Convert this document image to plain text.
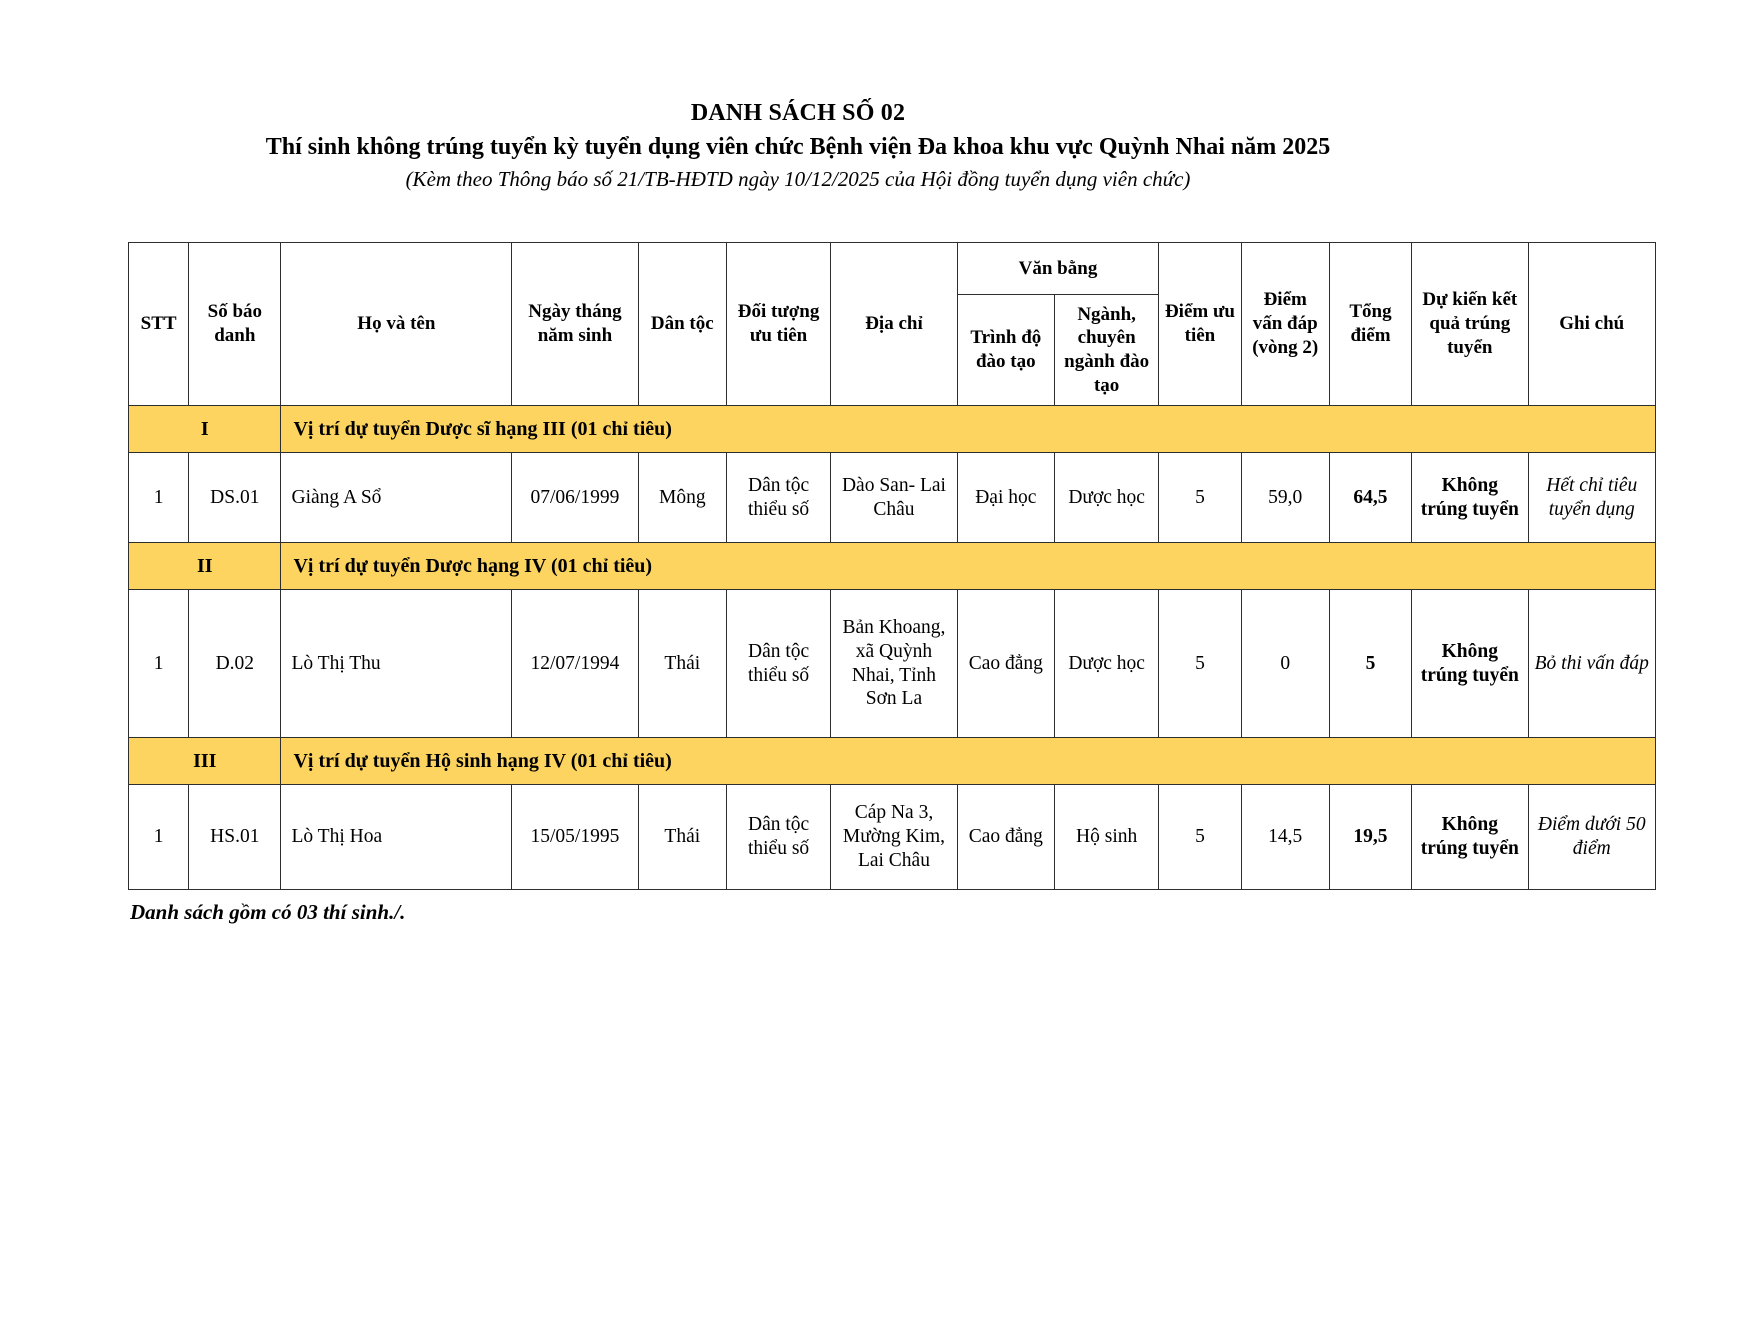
DANH SÁCH SỐ 02
Thí sinh không trúng tuyển kỳ tuyển dụng viên chức Bệnh viện Đa khoa khu vực Quỳnh Nhai năm 2025
(Kèm theo Thông báo số 21/TB-HĐTD ngày 10/12/2025 của Hội đồng tuyển dụng viên chức)
STT	Số báo danh	Họ và tên	Ngày tháng năm sinh	Dân tộc	Đối tượng ưu tiên	Địa chỉ	Văn bằng		Điểm ưu tiên	Điểm vấn đáp (vòng 2)	Tổng điểm	Dự kiến kết quả trúng tuyển	Ghi chú
							Trình độ đào tạo	Ngành, chuyên ngành đào tạo					
I		Vị trí dự tuyển Dược sĩ hạng III (01 chỉ tiêu)											
1	DS.01	Giàng A Sổ	07/06/1999	Mông	Dân tộc thiểu số	Dào San- Lai Châu	Đại học	Dược học	5	59,0	64,5	Không trúng tuyển	Hết chỉ tiêu tuyển dụng
II		Vị trí dự tuyển Dược hạng IV (01 chỉ tiêu)											
1	D.02	Lò Thị Thu	12/07/1994	Thái	Dân tộc thiểu số	Bản Khoang, xã Quỳnh Nhai, Tỉnh Sơn La	Cao đẳng	Dược học	5	0	5	Không trúng tuyển	Bỏ thi vấn đáp
III		Vị trí dự tuyển Hộ sinh hạng IV (01 chỉ tiêu)											
1	HS.01	Lò Thị Hoa	15/05/1995	Thái	Dân tộc thiểu số	Cáp Na 3, Mường Kim, Lai Châu	Cao đẳng	Hộ sinh	5	14,5	19,5	Không trúng tuyển	Điểm dưới 50 điểm
Danh sách gồm có 03 thí sinh./.
